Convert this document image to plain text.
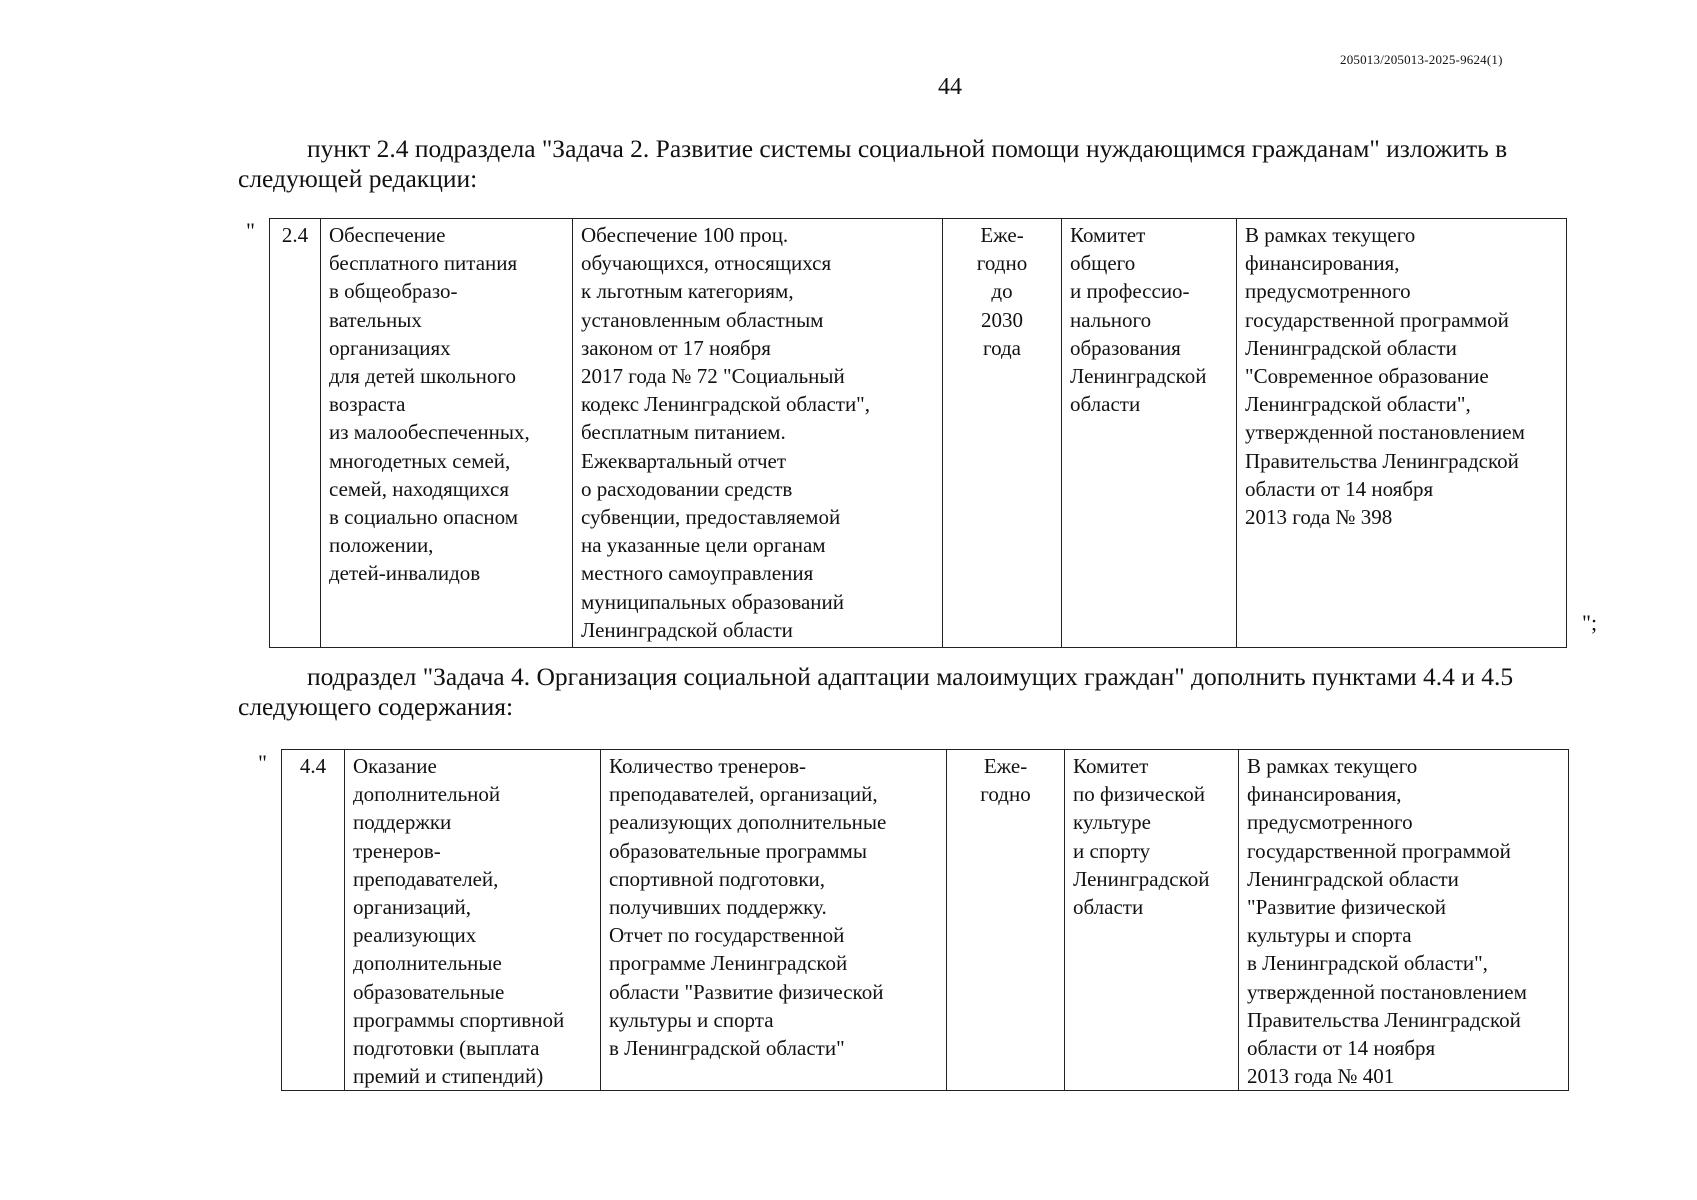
205013/205013-2025-9624(1)
44
пункт 2.4 подраздела "Задача 2. Развитие системы социальной помощи нуждающимся гражданам" изложить в следующей редакции:
" 2.4	Обеспечение
бесплатного питания
в общеобразо-
вательных
организациях
для детей школьного
возраста
из малообеспеченных,
многодетных семей,
семей, находящихся
в социально опасном
положении,
детей-инвалидов	Обеспечение 100 проц.
обучающихся, относящихся
к льготным категориям,
установленным областным
законом от 17 ноября
2017 года № 72 "Социальный
кодекс Ленинградской области",
бесплатным питанием.
Ежеквартальный отчет
о расходовании средств
субвенции, предоставляемой
на указанные цели органам
местного самоуправления
муниципальных образований
Ленинградской области	Еже-
годно
до
2030
года	Комитет
общего
и профессио-
нального
образования
Ленинградской
области	В рамках текущего
финансирования,
предусмотренного
государственной программой
Ленинградской области
"Современное образование
Ленинградской области",
утвержденной постановлением
Правительства Ленинградской
области от 14 ноября
2013 года № 398
";
подраздел "Задача 4. Организация социальной адаптации малоимущих граждан" дополнить пунктами 4.4 и 4.5 следующего содержания:
" 4.4	Оказание
дополнительной
поддержки
тренеров-
преподавателей,
организаций,
реализующих
дополнительные
образовательные
программы спортивной
подготовки (выплата
премий и стипендий)	Количество тренеров-
преподавателей, организаций,
реализующих дополнительные
образовательные программы
спортивной подготовки,
получивших поддержку.
Отчет по государственной
программе Ленинградской
области "Развитие физической
культуры и спорта
в Ленинградской области"	Еже-
годно	Комитет
по физической
культуре
и спорту
Ленинградской
области	В рамках текущего
финансирования,
предусмотренного
государственной программой
Ленинградской области
"Развитие физической
культуры и спорта
в Ленинградской области",
утвержденной постановлением
Правительства Ленинградской
области от 14 ноября
2013 года № 401
